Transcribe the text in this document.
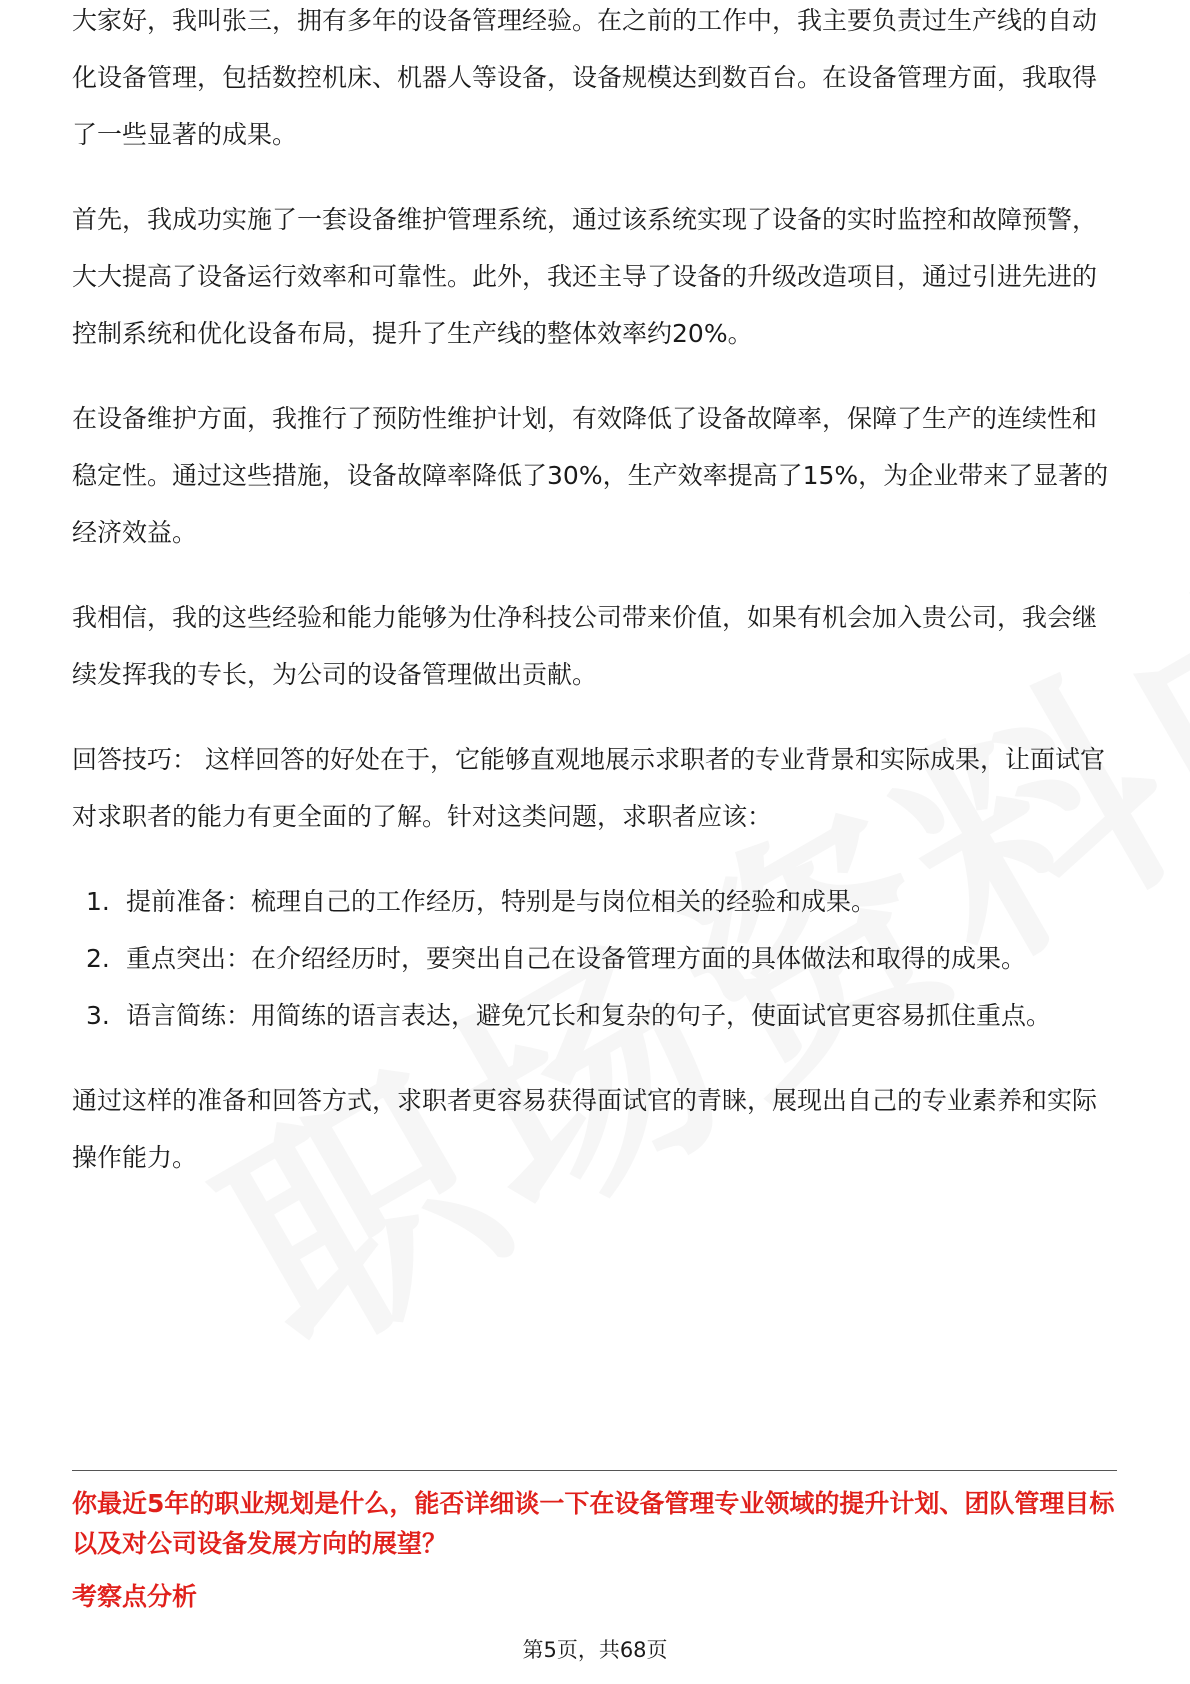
大家好，我叫张三，拥有多年的设备管理经验。在之前的工作中，我主要负责过生产线的自动化设备管理，包括数控机床、机器人等设备，设备规模达到数百台。在设备管理方面，我取得了一些显著的成果。

首先，我成功实施了一套设备维护管理系统，通过该系统实现了设备的实时监控和故障预警，大大提高了设备运行效率和可靠性。此外，我还主导了设备的升级改造项目，通过引进先进的控制系统和优化设备布局，提升了生产线的整体效率约20%。

在设备维护方面，我推行了预防性维护计划，有效降低了设备故障率，保障了生产的连续性和稳定性。通过这些措施，设备故障率降低了30%，生产效率提高了15%，为企业带来了显著的经济效益。

我相信，我的这些经验和能力能够为仕净科技公司带来价值，如果有机会加入贵公司，我会继续发挥我的专长，为公司的设备管理做出贡献。

回答技巧： 这样回答的好处在于，它能够直观地展示求职者的专业背景和实际成果，让面试官对求职者的能力有更全面的了解。针对这类问题，求职者应该：

1. 提前准备：梳理自己的工作经历，特别是与岗位相关的经验和成果。
2. 重点突出：在介绍经历时，要突出自己在设备管理方面的具体做法和取得的成果。
3. 语言简练：用简练的语言表达，避免冗长和复杂的句子，使面试官更容易抓住重点。

通过这样的准备和回答方式，求职者更容易获得面试官的青睐，展现出自己的专业素养和实际操作能力。

你最近5年的职业规划是什么，能否详细谈一下在设备管理专业领域的提升计划、团队管理目标以及对公司设备发展方向的展望？
考察点分析
第5页，共68页
